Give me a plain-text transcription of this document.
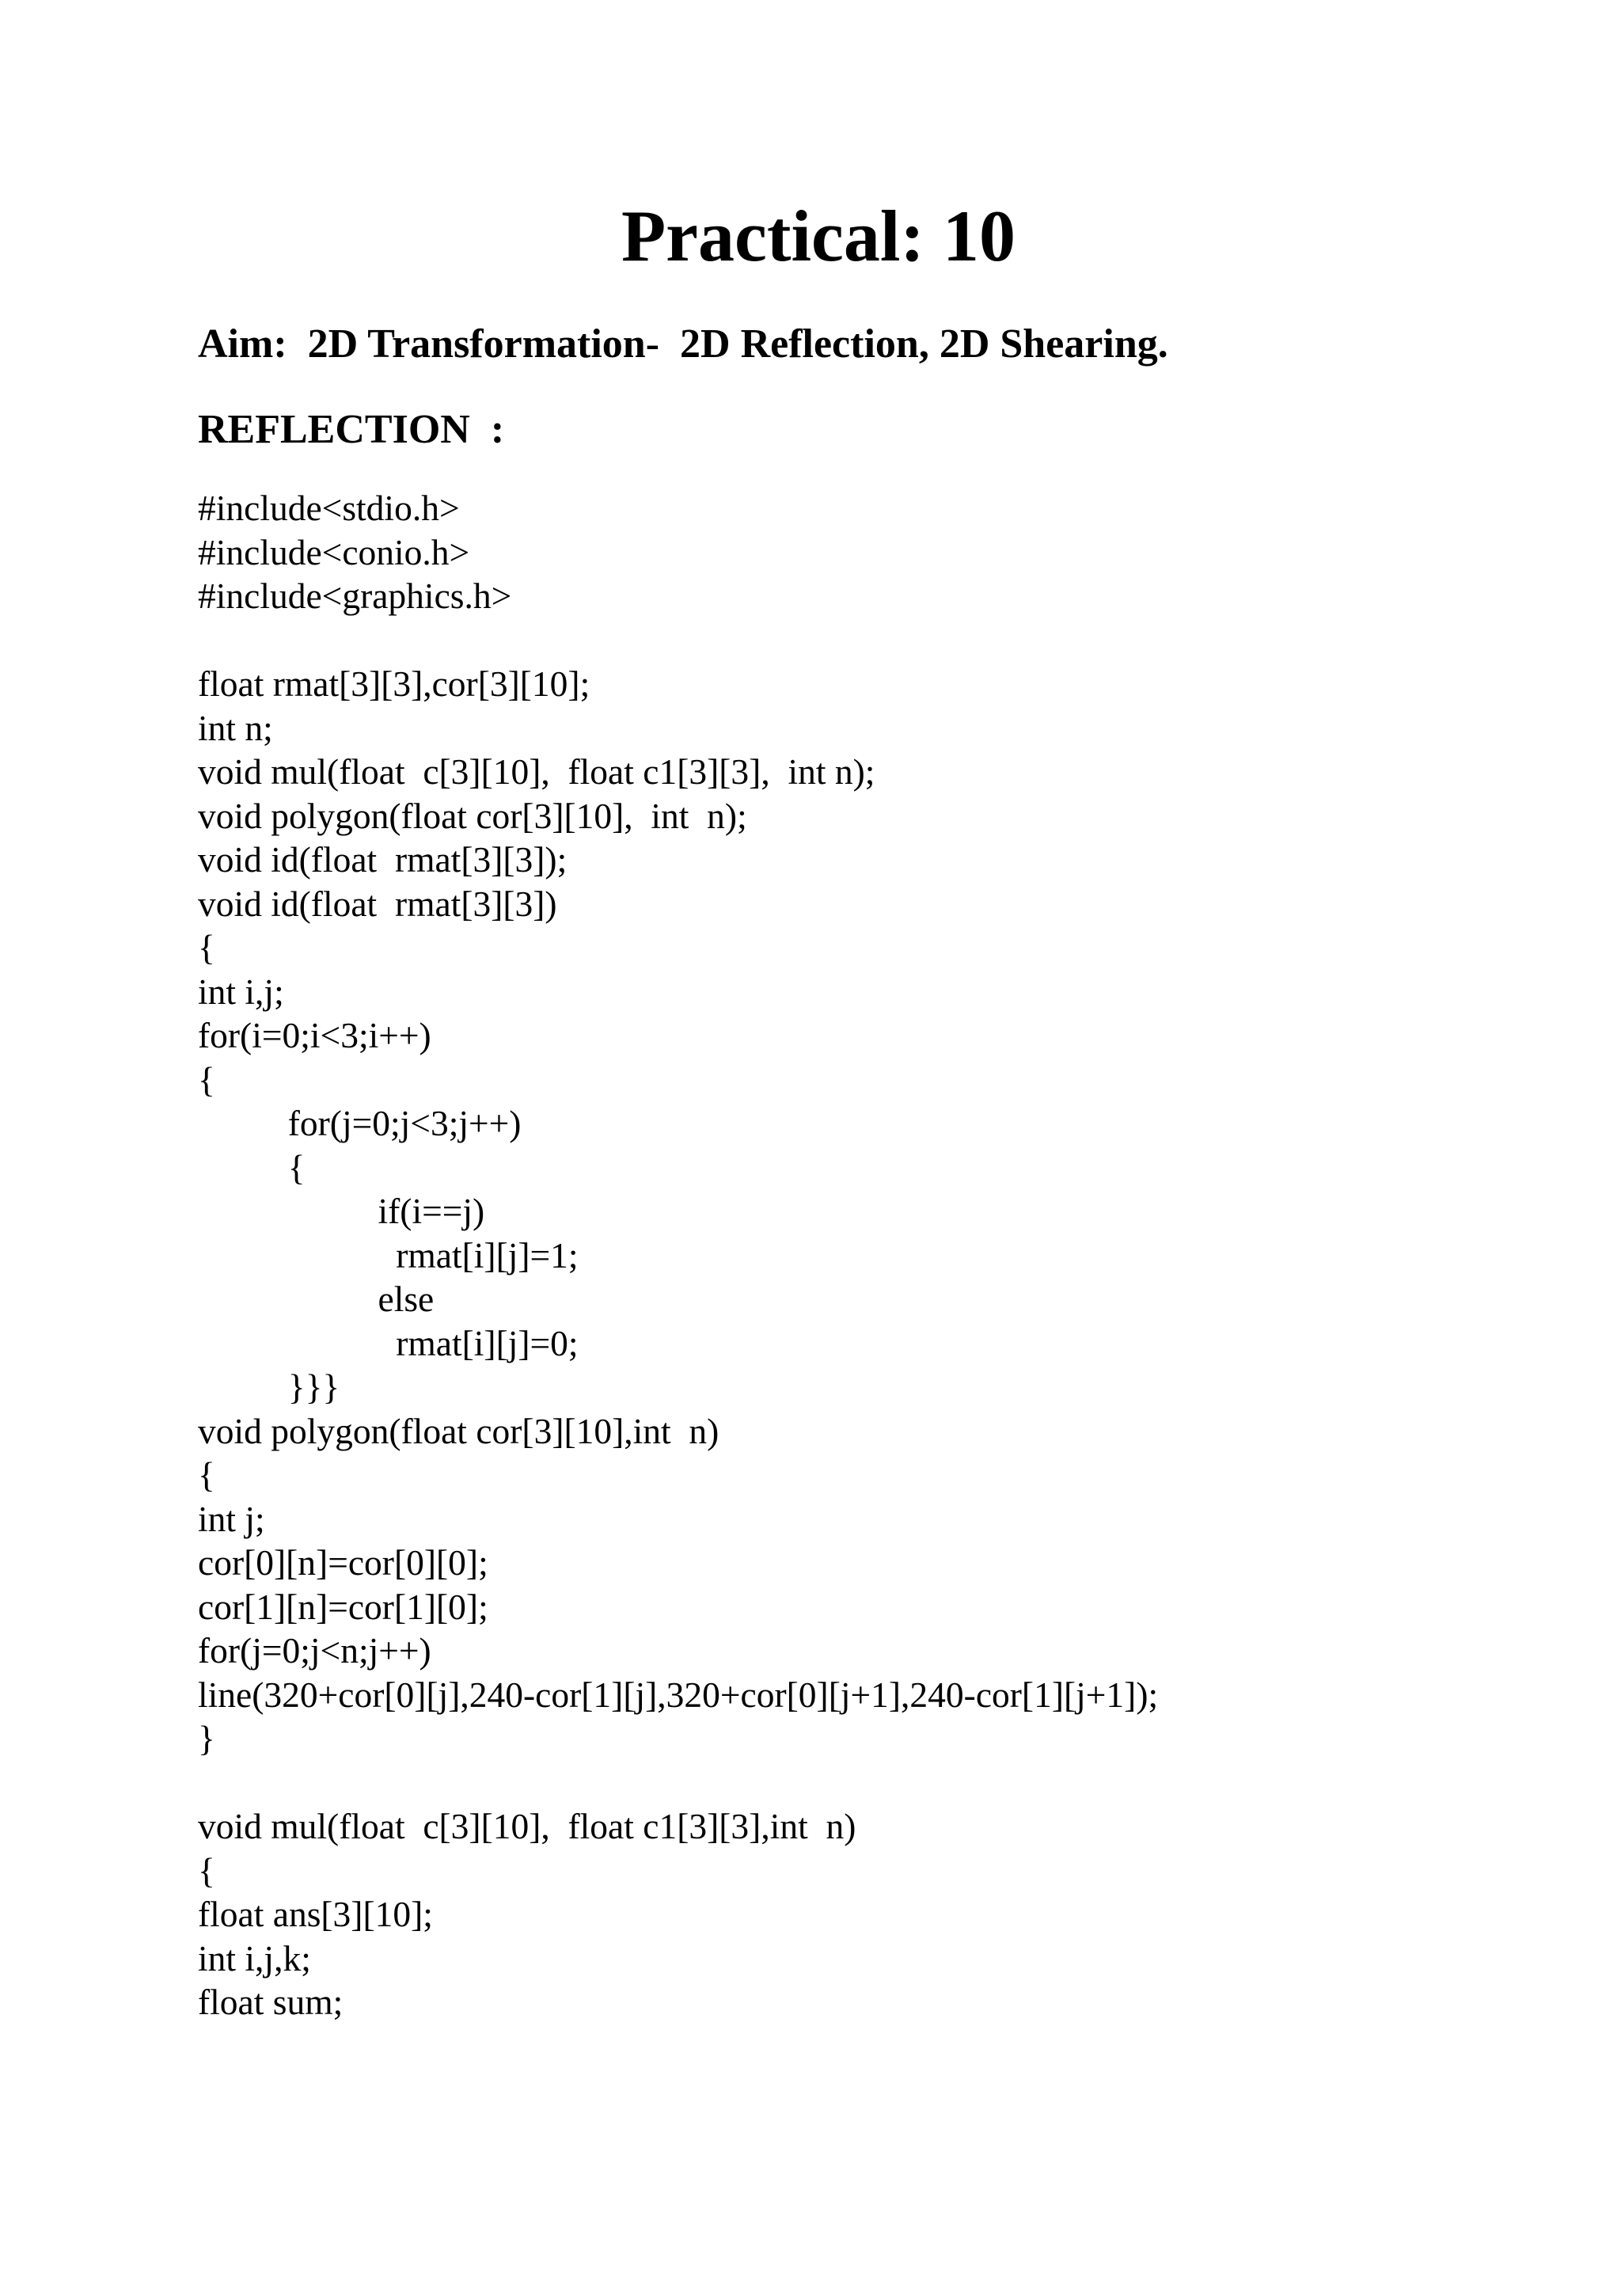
Practical: 10
Aim:  2D Transformation-  2D Reflection, 2D Shearing.
REFLECTION  :
#include<stdio.h>
#include<conio.h>
#include<graphics.h>
float rmat[3][3],cor[3][10];
int n;
void mul(float  c[3][10],  float c1[3][3],  int n);
void polygon(float cor[3][10],  int  n);
void id(float  rmat[3][3]);
void id(float  rmat[3][3])
{
int i,j;
for(i=0;i<3;i++)
{
for(j=0;j<3;j++)
{
if(i==j)
rmat[i][j]=1;
else
rmat[i][j]=0;
}}}
void polygon(float cor[3][10],int  n)
{
int j;
cor[0][n]=cor[0][0];
cor[1][n]=cor[1][0];
for(j=0;j<n;j++)
line(320+cor[0][j],240-cor[1][j],320+cor[0][j+1],240-cor[1][j+1]);
}
void mul(float  c[3][10],  float c1[3][3],int  n)
{
float ans[3][10];
int i,j,k;
float sum;
